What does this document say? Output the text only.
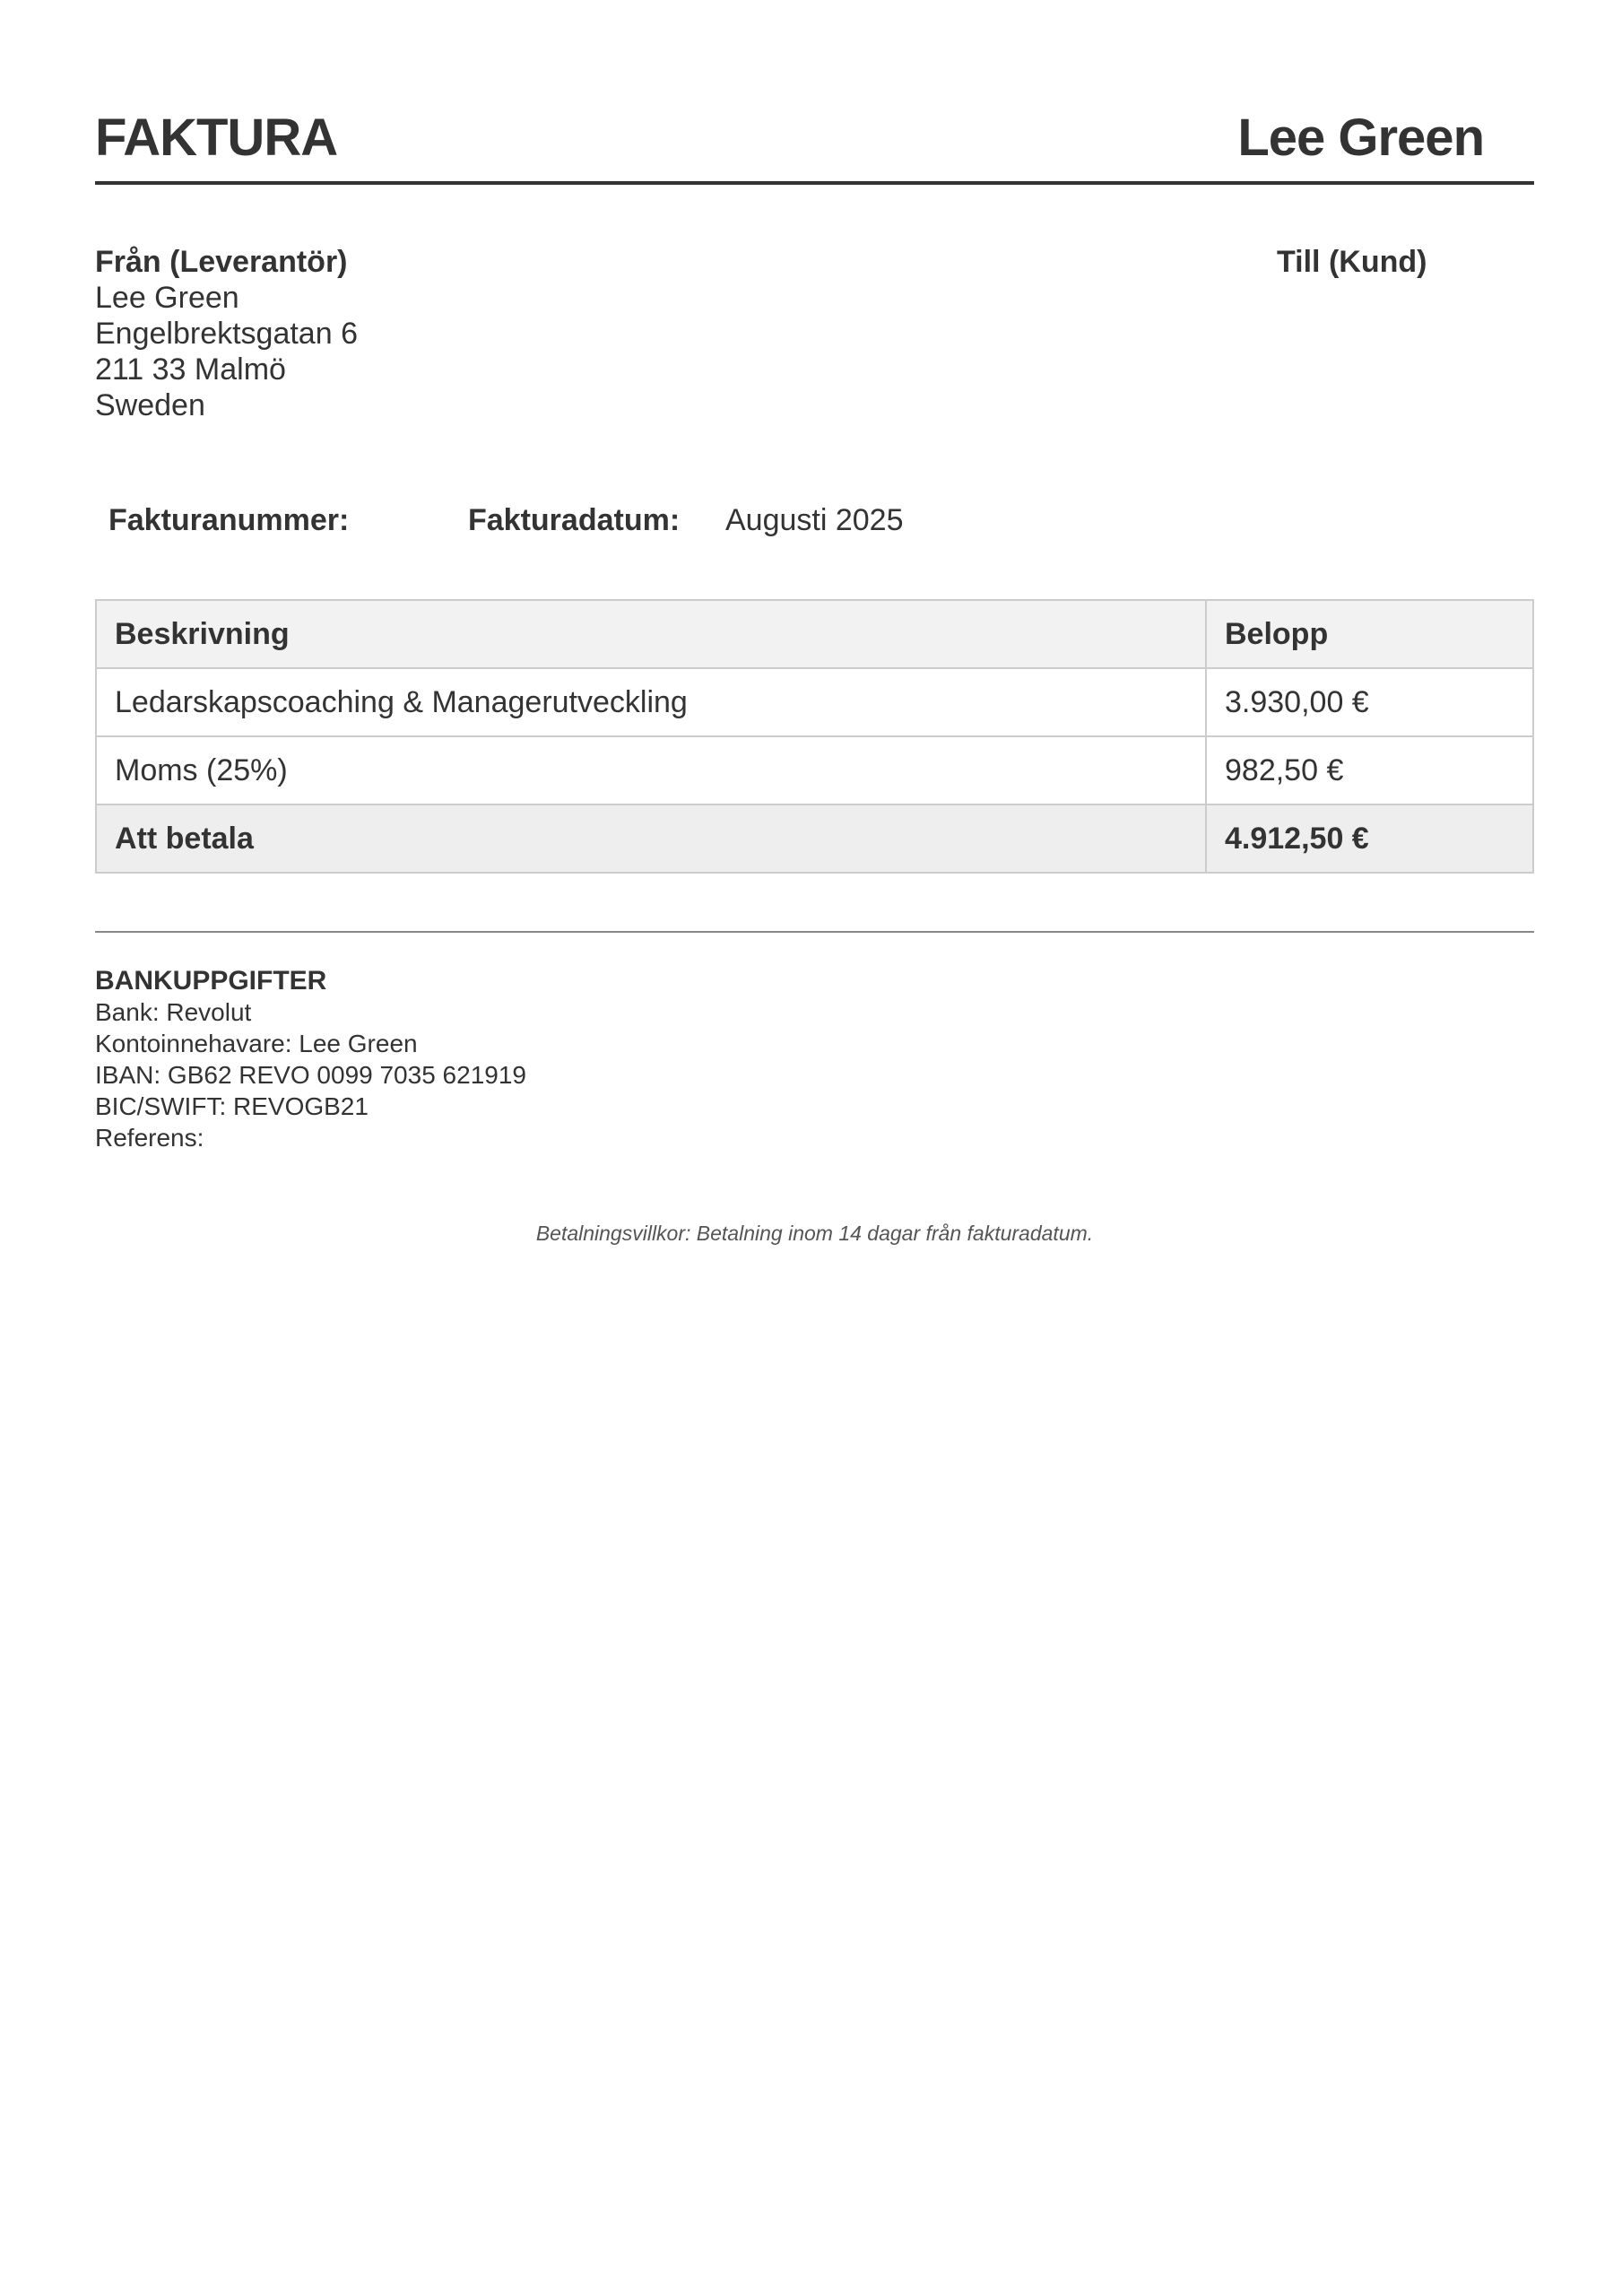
FAKTURA	Lee Green
Från (Leverantör)
Lee Green
Engelbrektsgatan 6
211 33 Malmö
Sweden
Till (Kund)
Fakturanummer:	Fakturadatum: Augusti 2025
Beskrivning	Belopp
Ledarskapscoaching & Managerutveckling	3.930,00 €
Moms (25%)	982,50 €
Att betala	4.912,50 €
BANKUPPGIFTER
Bank: Revolut
Kontoinnehavare: Lee Green
IBAN: GB62 REVO 0099 7035 621919
BIC/SWIFT: REVOGB21
Referens:
Betalningsvillkor: Betalning inom 14 dagar från fakturadatum.
